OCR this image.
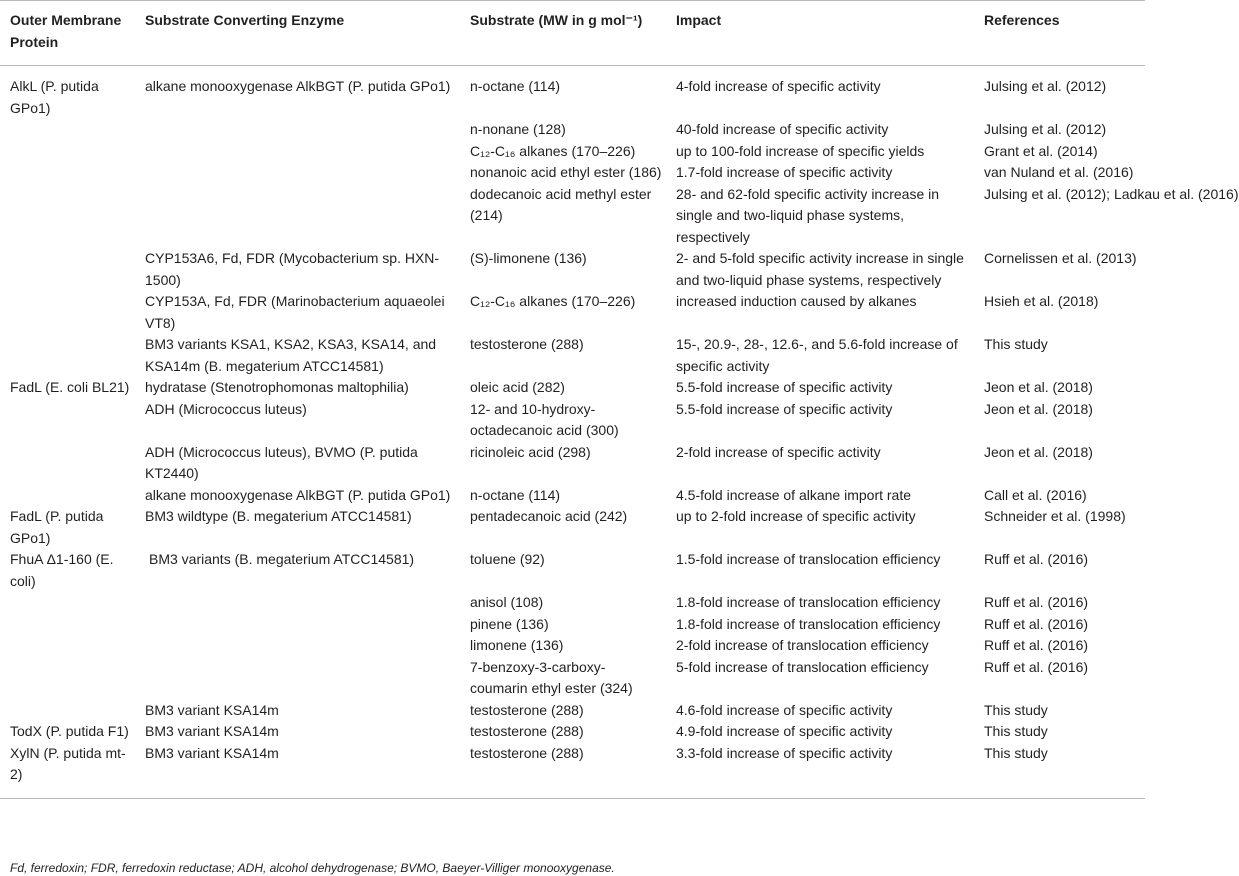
Outer Membrane Protein	Substrate Converting Enzyme	Substrate (MW in g mol⁻¹)	Impact	References
AlkL (P. putida GPo1)	alkane monooxygenase AlkBGT (P. putida GPo1)	n-octane (114)	4-fold increase of specific activity	Julsing et al. (2012)
		n-nonane (128)	40-fold increase of specific activity	Julsing et al. (2012)
		C₁₂-C₁₆ alkanes (170–226)	up to 100-fold increase of specific yields	Grant et al. (2014)
		nonanoic acid ethyl ester (186)	1.7-fold increase of specific activity	van Nuland et al. (2016)
		dodecanoic acid methyl ester (214)	28- and 62-fold specific activity increase in single and two-liquid phase systems, respectively	Julsing et al. (2012); Ladkau et al. (2016)
	CYP153A6, Fd, FDR (Mycobacterium sp. HXN-1500)	(S)-limonene (136)	2- and 5-fold specific activity increase in single and two-liquid phase systems, respectively	Cornelissen et al. (2013)
	CYP153A, Fd, FDR (Marinobacterium aquaeolei VT8)	C₁₂-C₁₆ alkanes (170–226)	increased induction caused by alkanes	Hsieh et al. (2018)
	BM3 variants KSA1, KSA2, KSA3, KSA14, and KSA14m (B. megaterium ATCC14581)	testosterone (288)	15-, 20.9-, 28-, 12.6-, and 5.6-fold increase of specific activity	This study
FadL (E. coli BL21)	hydratase (Stenotrophomonas maltophilia)	oleic acid (282)	5.5-fold increase of specific activity	Jeon et al. (2018)
	ADH (Micrococcus luteus)	12- and 10-hydroxy-octadecanoic acid (300)	5.5-fold increase of specific activity	Jeon et al. (2018)
	ADH (Micrococcus luteus), BVMO (P. putida KT2440)	ricinoleic acid (298)	2-fold increase of specific activity	Jeon et al. (2018)
	alkane monooxygenase AlkBGT (P. putida GPo1)	n-octane (114)	4.5-fold increase of alkane import rate	Call et al. (2016)
FadL (P. putida GPo1)	BM3 wildtype (B. megaterium ATCC14581)	pentadecanoic acid (242)	up to 2-fold increase of specific activity	Schneider et al. (1998)
FhuA Δ1-160 (E. coli)	BM3 variants (B. megaterium ATCC14581)	toluene (92)	1.5-fold increase of translocation efficiency	Ruff et al. (2016)
		anisol (108)	1.8-fold increase of translocation efficiency	Ruff et al. (2016)
		pinene (136)	1.8-fold increase of translocation efficiency	Ruff et al. (2016)
		limonene (136)	2-fold increase of translocation efficiency	Ruff et al. (2016)
		7-benzoxy-3-carboxy-coumarin ethyl ester (324)	5-fold increase of translocation efficiency	Ruff et al. (2016)
	BM3 variant KSA14m	testosterone (288)	4.6-fold increase of specific activity	This study
TodX (P. putida F1)	BM3 variant KSA14m	testosterone (288)	4.9-fold increase of specific activity	This study
XylN (P. putida mt-2)	BM3 variant KSA14m	testosterone (288)	3.3-fold increase of specific activity	This study
Fd, ferredoxin; FDR, ferredoxin reductase; ADH, alcohol dehydrogenase; BVMO, Baeyer-Villiger monooxygenase.
